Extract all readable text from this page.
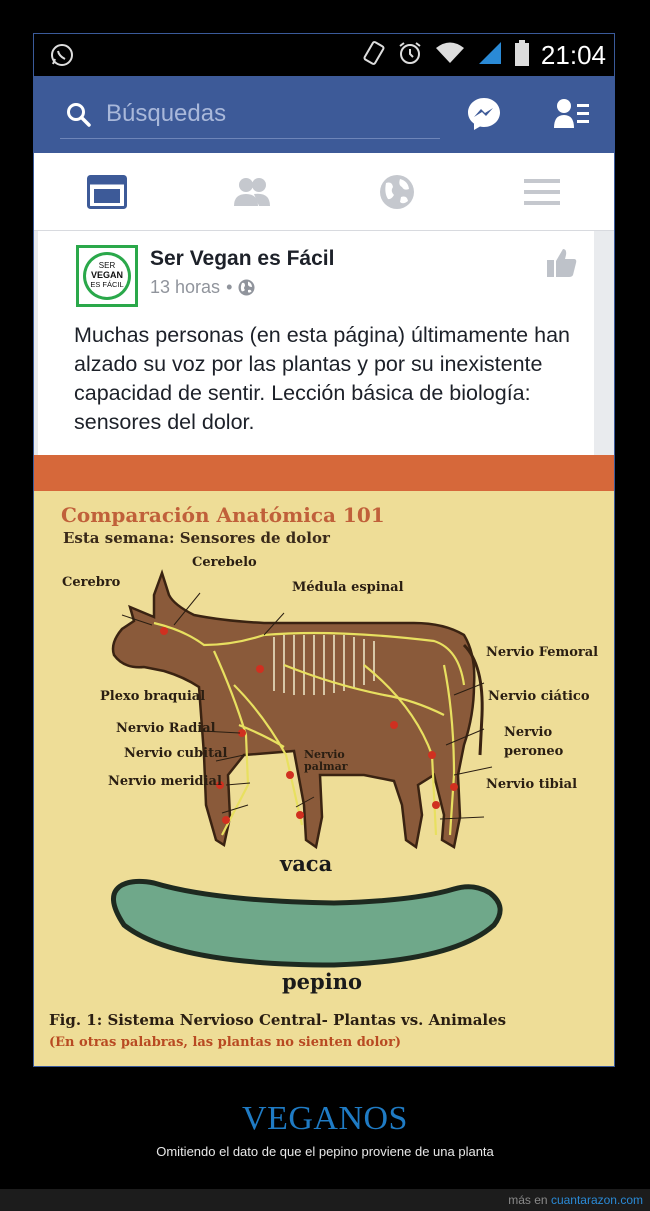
21:04
Búsquedas
SER
VEGAN
ES FÁCIL
Ser Vegan es Fácil
13 horas •
Muchas personas (en esta página) últimamente han alzado su voz por las plantas y por su inexistente capacidad de sentir. Lección básica de biología: sensores del dolor.
Comparación Anatómica 101
Esta semana: Sensores de dolor
Cerebro
Cerebelo
Médula espinal
Nervio Femoral
Plexo braquial	Nervio ciático
Nervio Radial	Nervio
peroneo
Nervio cubital	Nervio
palmar
Nervio meridial	Nervio tibial
vaca
pepino
Fig. 1: Sistema Nervioso Central- Plantas vs. Animales
(En otras palabras, las plantas no sienten dolor)
VEGANOS
Omitiendo el dato de que el pepino proviene de una planta
más en cuantarazon.com
